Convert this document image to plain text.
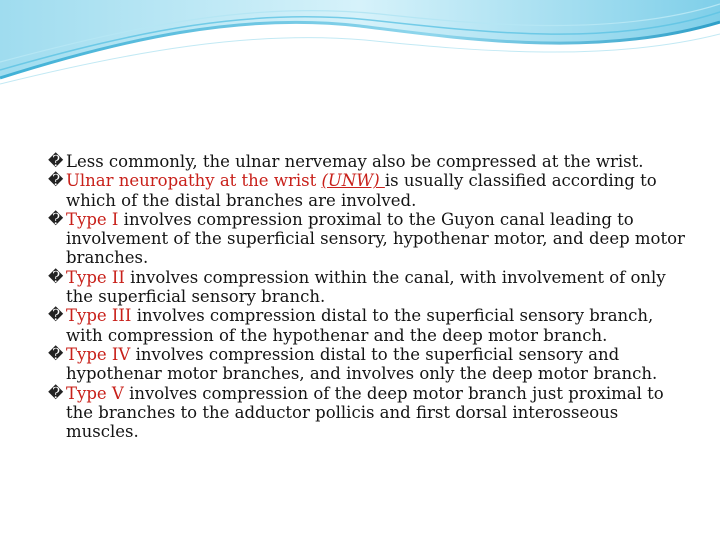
� Less commonly, the ulnar nervemay also be compressed at the wrist.
� Ulnar neuropathy at the wrist (UNW) is usually classified according to which of the distal branches are involved.
� Type I involves compression proximal to the Guyon canal leading to involvement of the superficial sensory, hypothenar motor, and deep motor branches.
� Type II involves compression within the canal, with involvement of only the superficial sensory branch.
� Type III involves compression distal to the superficial sensory branch, with compression of the hypothenar and the deep motor branch.
� Type IV involves compression distal to the superficial sensory and hypothenar motor branches, and involves only the deep motor branch.
� Type V involves compression of the deep motor branch just proximal to the branches to the adductor pollicis and first dorsal interosseous muscles.
